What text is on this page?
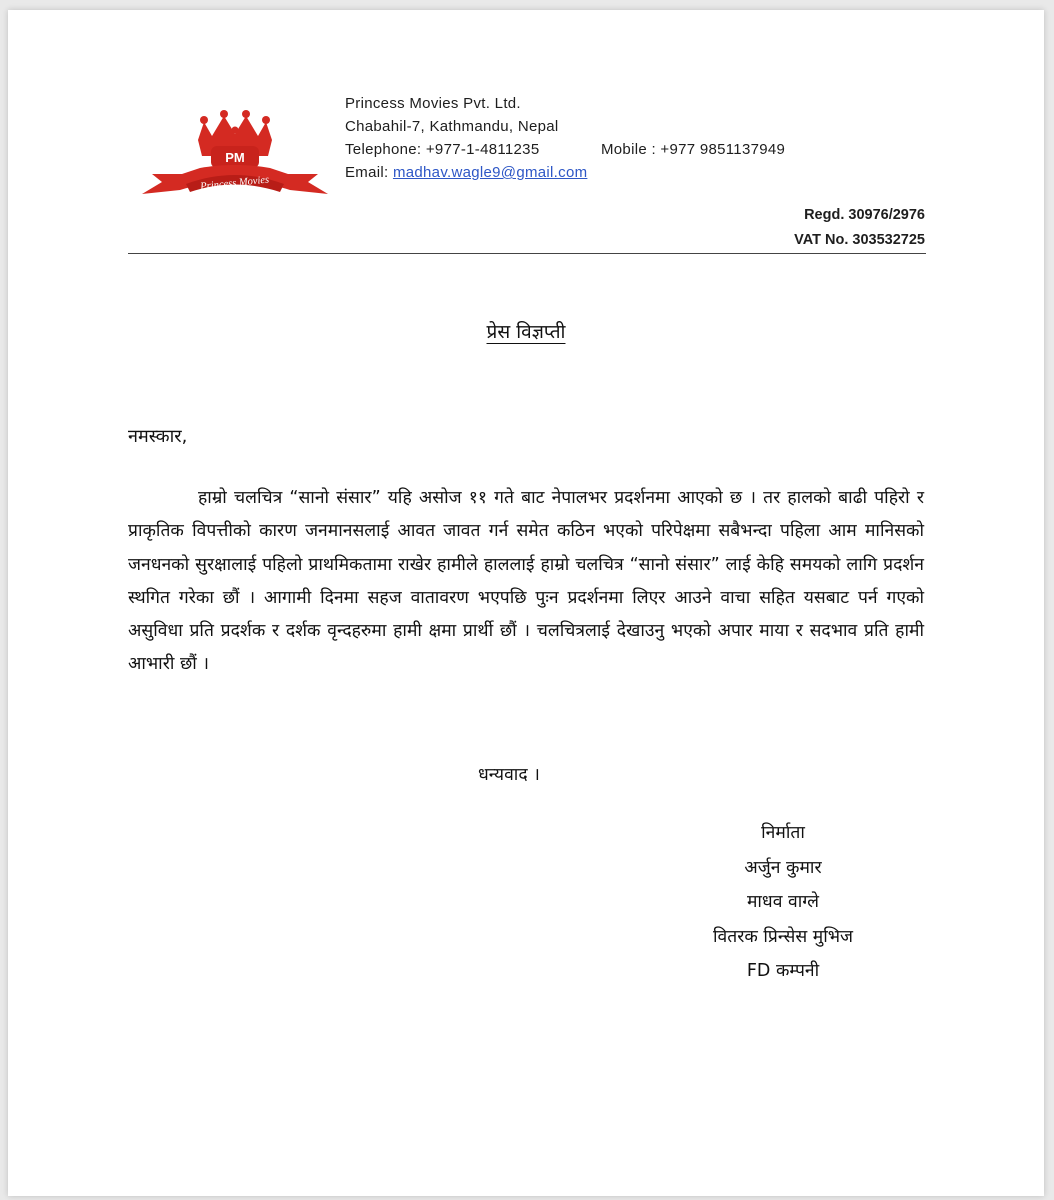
PM
Princess Movies
Princess Movies Pvt. Ltd.
Chabahil-7, Kathmandu, Nepal
Telephone: +977-1-4811235	Mobile : +977 9851137949
Email: madhav.wagle9@gmail.com
Regd. 30976/2976
VAT No. 303532725
प्रेस विज्ञप्ती
नमस्कार,

हाम्रो चलचित्र “सानो संसार” यहि असोज ११ गते बाट नेपालभर प्रदर्शनमा आएको छ । तर हालको बाढी पहिरो र प्राकृतिक विपत्तीको कारण जनमानसलाई आवत जावत गर्न समेत कठिन भएको परिपेक्षमा सबैभन्दा पहिला आम मानिसको जनधनको सुरक्षालाई पहिलो प्राथमिकतामा राखेर हामीले हाललाई हाम्रो चलचित्र “सानो संसार” लाई केहि समयको लागि प्रदर्शन स्थगित गरेका छौं । आगामी दिनमा सहज वातावरण भएपछि पुःन प्रदर्शनमा लिएर आउने वाचा सहित यसबाट पर्न गएको असुविधा प्रति प्रदर्शक र दर्शक वृन्दहरुमा हामी क्षमा प्रार्थी छौं । चलचित्रलाई देखाउनु भएको अपार माया र सदभाव प्रति हामी आभारी छौं ।

धन्यवाद ।
निर्माता
अर्जुन कुमार
माधव वाग्ले
वितरक प्रिन्सेस मुभिज
FD कम्पनी
